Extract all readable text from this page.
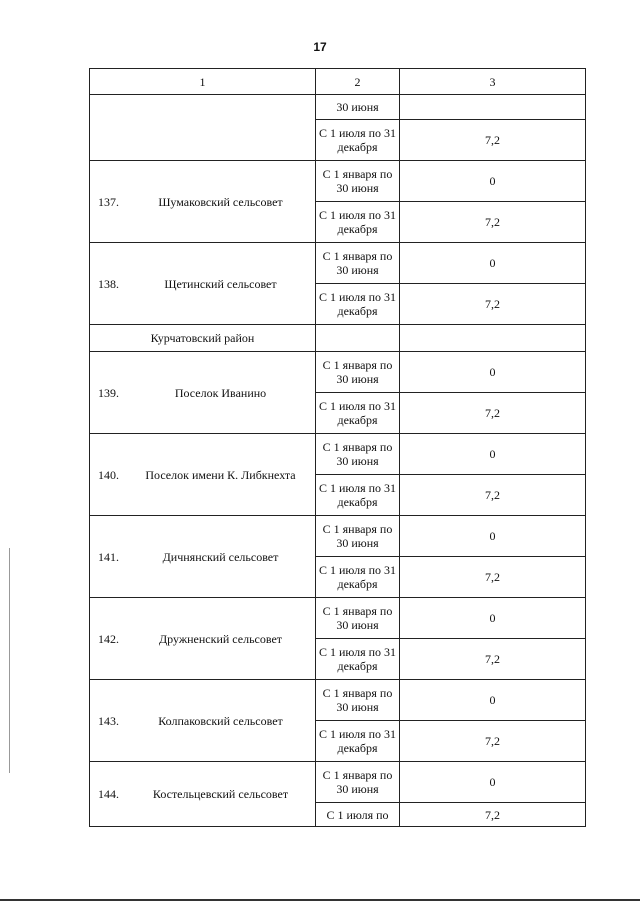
17
1	2	3
	30 июня	
	С 1 июля по 31 декабря	7,2

137. Шумаковский сельсовет	С 1 января по 30 июня	0
	С 1 июля по 31 декабря	7,2

138. Щетинский сельсовет	С 1 января по 30 июня	0
	С 1 июля по 31 декабря	7,2
Курчатовский район		

139. Поселок Иванино	С 1 января по 30 июня	0
	С 1 июля по 31 декабря	7,2

140. Поселок имени К. Либкнехта	С 1 января по 30 июня	0
	С 1 июля по 31 декабря	7,2

141. Дичнянский сельсовет	С 1 января по 30 июня	0
	С 1 июля по 31 декабря	7,2

142. Дружненский сельсовет	С 1 января по 30 июня	0
	С 1 июля по 31 декабря	7,2

143. Колпаковский сельсовет	С 1 января по 30 июня	0
	С 1 июля по 31 декабря	7,2

144. Костельцевский сельсовет	С 1 января по 30 июня	0
	С 1 июля по	7,2
